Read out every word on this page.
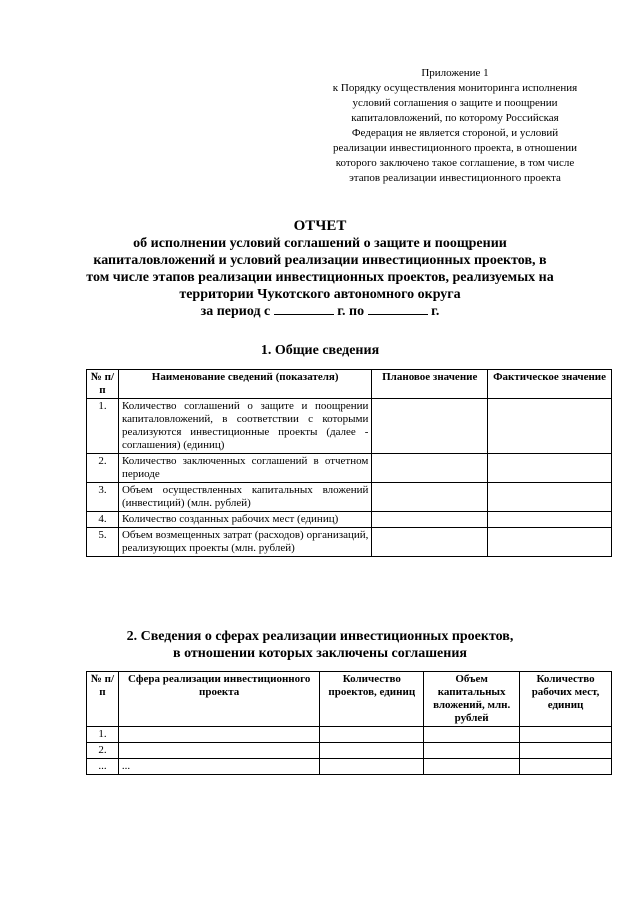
Приложение 1
к Порядку осуществления мониторинга исполнения
условий соглашения о защите и поощрении
капиталовложений, по которому Российская
Федерация не является стороной, и условий
реализации инвестиционного проекта, в отношении
которого заключено такое соглашение, в том числе
этапов реализации инвестиционного проекта
ОТЧЕТ
об исполнении условий соглашений о защите и поощрении
капиталовложений и условий реализации инвестиционных проектов, в
том числе этапов реализации инвестиционных проектов, реализуемых на
территории Чукотского автономного округа
за период с	г. по	г.
1. Общие сведения
№ п/п	Наименование сведений (показателя)	Плановое значение	Фактическое значение
1.	Количество соглашений о защите и поощрении капиталовложений, в соответствии с которыми реализуются инвестиционные проекты (далее - соглашения) (единиц)		
2.	Количество заключенных соглашений в отчетном периоде		
3.	Объем осуществленных капитальных вложений (инвестиций) (млн. рублей)		
4.	Количество созданных рабочих мест (единиц)		
5.	Объем возмещенных затрат (расходов) организаций, реализующих проекты (млн. рублей)		
2. Сведения о сферах реализации инвестиционных проектов,
в отношении которых заключены соглашения
№ п/п	Сфера реализации инвестиционного проекта	Количество проектов, единиц	Объем капитальных вложений, млн. рублей	Количество рабочих мест, единиц
1.				
2.				
...	...			
